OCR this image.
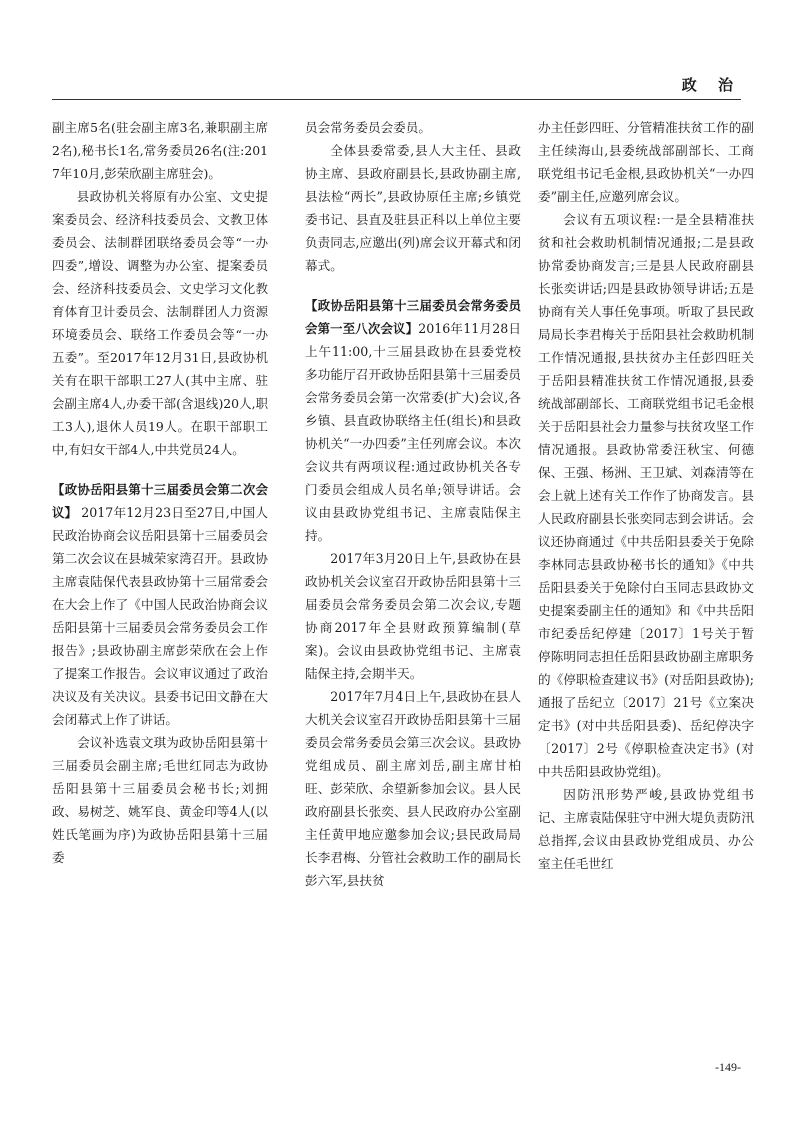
政 治

副主席5名(驻会副主席3名,兼职副主席2名),秘书长1名,常务委员26名(注:2017年10月,彭荣欣副主席驻会)。

县政协机关将原有办公室、文史提案委员会、经济科技委员会、文教卫体委员会、法制群团联络委员会等“一办四委”,增设、调整为办公室、提案委员会、经济科技委员会、文史学习文化教育体育卫计委员会、法制群团人力资源环境委员会、联络工作委员会等“一办五委”。至2017年12月31日,县政协机关有在职干部职工27人(其中主席、驻会副主席4人,办委干部(含退线)20人,职工3人),退休人员19人。在职干部职工中,有妇女干部4人,中共党员24人。

【政协岳阳县第十三届委员会第二次会议】 2017年12月23日至27日,中国人民政治协商会议岳阳县第十三届委员会第二次会议在县城荣家湾召开。县政协主席袁陆保代表县政协第十三届常委会在大会上作了《中国人民政治协商会议岳阳县第十三届委员会常务委员会工作报告》;县政协副主席彭荣欣在会上作了提案工作报告。会议审议通过了政治决议及有关决议。县委书记田文静在大会闭幕式上作了讲话。

会议补选袁文琪为政协岳阳县第十三届委员会副主席;毛世红同志为政协岳阳县第十三届委员会秘书长;刘拥政、易树芝、姚军良、黄金印等4人(以姓氏笔画为序)为政协岳阳县第十三届委

员会常务委员会委员。

全体县委常委,县人大主任、县政协主席、县政府副县长,县政协副主席,县法检“两长”,县政协原任主席;乡镇党委书记、县直及驻县正科以上单位主要负责同志,应邀出(列)席会议开幕式和闭幕式。

【政协岳阳县第十三届委员会常务委员会第一至八次会议】2016年11月28日上午11:00,十三届县政协在县委党校多功能厅召开政协岳阳县第十三届委员会常务委员会第一次常委(扩大)会议,各乡镇、县直政协联络主任(组长)和县政协机关“一办四委”主任列席会议。本次会议共有两项议程:通过政协机关各专门委员会组成人员名单;领导讲话。会议由县政协党组书记、主席袁陆保主持。

2017年3月20日上午,县政协在县政协机关会议室召开政协岳阳县第十三届委员会常务委员会第二次会议,专题协商2017年全县财政预算编制(草案)。会议由县政协党组书记、主席袁陆保主持,会期半天。

2017年7月4日上午,县政协在县人大机关会议室召开政协岳阳县第十三届委员会常务委员会第三次会议。县政协党组成员、副主席刘岳,副主席甘柏旺、彭荣欣、余望新参加会议。县人民政府副县长张奕、县人民政府办公室副主任黄甲地应邀参加会议;县民政局局长李君梅、分管社会救助工作的副局长彭六军,县扶贫

办主任彭四旺、分管精准扶贫工作的副主任续海山,县委统战部副部长、工商联党组书记毛金根,县政协机关“一办四委”副主任,应邀列席会议。

会议有五项议程:一是全县精准扶贫和社会救助机制情况通报;二是县政协常委协商发言;三是县人民政府副县长张奕讲话;四是县政协领导讲话;五是协商有关人事任免事项。听取了县民政局局长李君梅关于岳阳县社会救助机制工作情况通报,县扶贫办主任彭四旺关于岳阳县精准扶贫工作情况通报,县委统战部副部长、工商联党组书记毛金根关于岳阳县社会力量参与扶贫攻坚工作情况通报。县政协常委汪秋宝、何德保、王强、杨洲、王卫斌、刘森清等在会上就上述有关工作作了协商发言。县人民政府副县长张奕同志到会讲话。会议还协商通过《中共岳阳县委关于免除李林同志县政协秘书长的通知》《中共岳阳县委关于免除付白玉同志县政协文史提案委副主任的通知》和《中共岳阳市纪委岳纪停建〔2017〕1号关于暂停陈明同志担任岳阳县政协副主席职务的《停职检查建议书》(对岳阳县政协);通报了岳纪立〔2017〕21号《立案决定书》(对中共岳阳县委)、岳纪停决字〔2017〕2号《停职检查决定书》(对中共岳阳县政协党组)。

因防汛形势严峻,县政协党组书记、主席袁陆保驻守中洲大堤负责防汛总指挥,会议由县政协党组成员、办公室主任毛世红

-149-
